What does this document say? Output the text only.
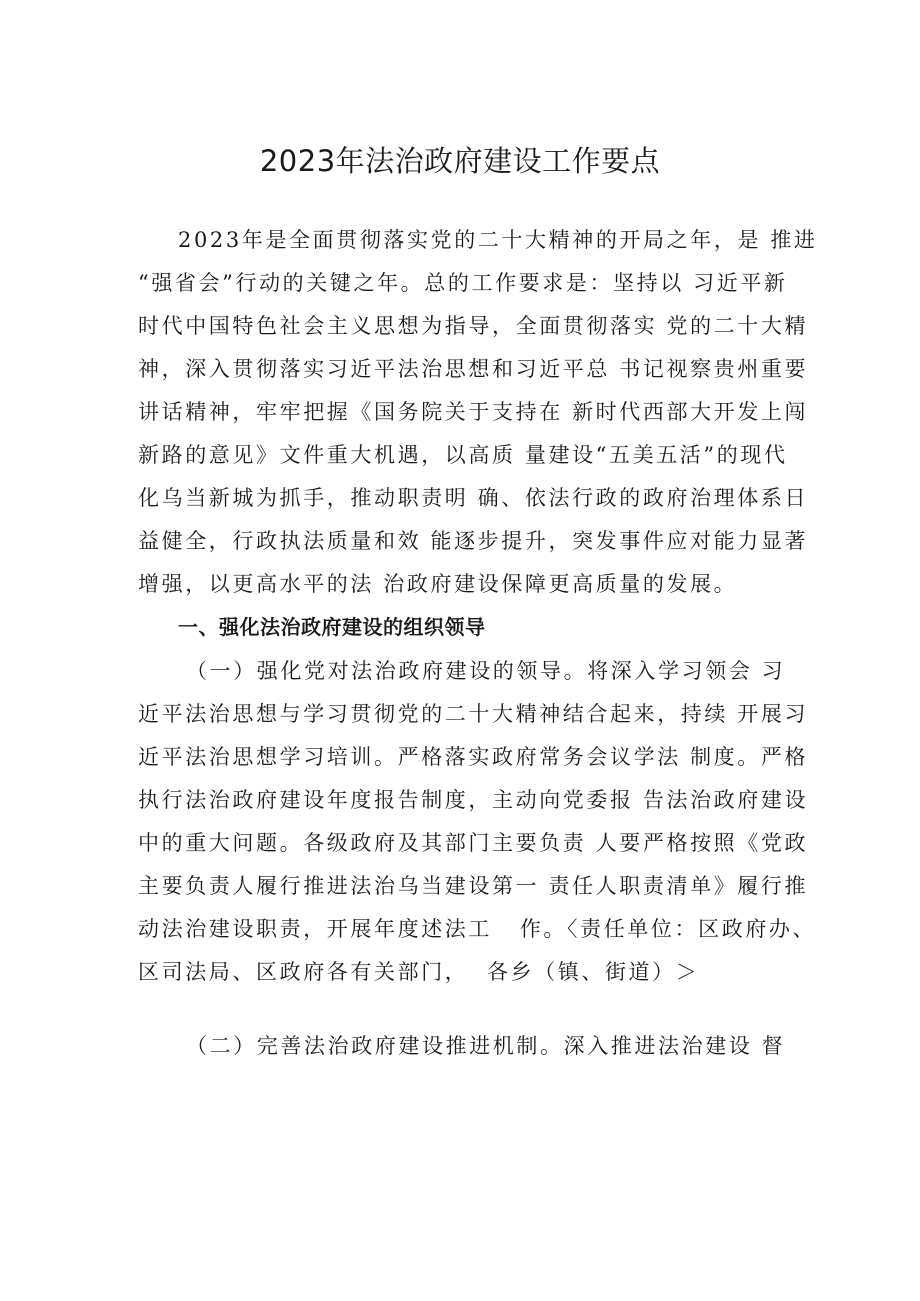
2023年法治政府建设工作要点
2023年是全面贯彻落实党的二十大精神的开局之年，是 推进
“强省会”行动的关键之年。总的工作要求是：坚持以 习近平新
时代中国特色社会主义思想为指导，全面贯彻落实 党的二十大精
神，深入贯彻落实习近平法治思想和习近平总 书记视察贵州重要
讲话精神，牢牢把握《国务院关于支持在 新时代西部大开发上闯
新路的意见》文件重大机遇，以高质 量建设“五美五活”的现代
化乌当新城为抓手，推动职责明 确、依法行政的政府治理体系日
益健全，行政执法质量和效 能逐步提升，突发事件应对能力显著
增强，以更高水平的法 治政府建设保障更高质量的发展。
一、强化法治政府建设的组织领导
（一）强化党对法治政府建设的领导。将深入学习领会 习
近平法治思想与学习贯彻党的二十大精神结合起来，持续 开展习
近平法治思想学习培训。严格落实政府常务会议学法 制度。严格
执行法治政府建设年度报告制度，主动向党委报 告法治政府建设
中的重大问题。各级政府及其部门主要负责 人要严格按照《党政
主要负责人履行推进法治乌当建设第一 责任人职责清单》履行推
动法治建设职责，开展年度述法工   作。〈责任单位：区政府办、
区司法局、区政府各有关部门，  各乡（镇、街道）＞
（二）完善法治政府建设推进机制。深入推进法治建设 督
